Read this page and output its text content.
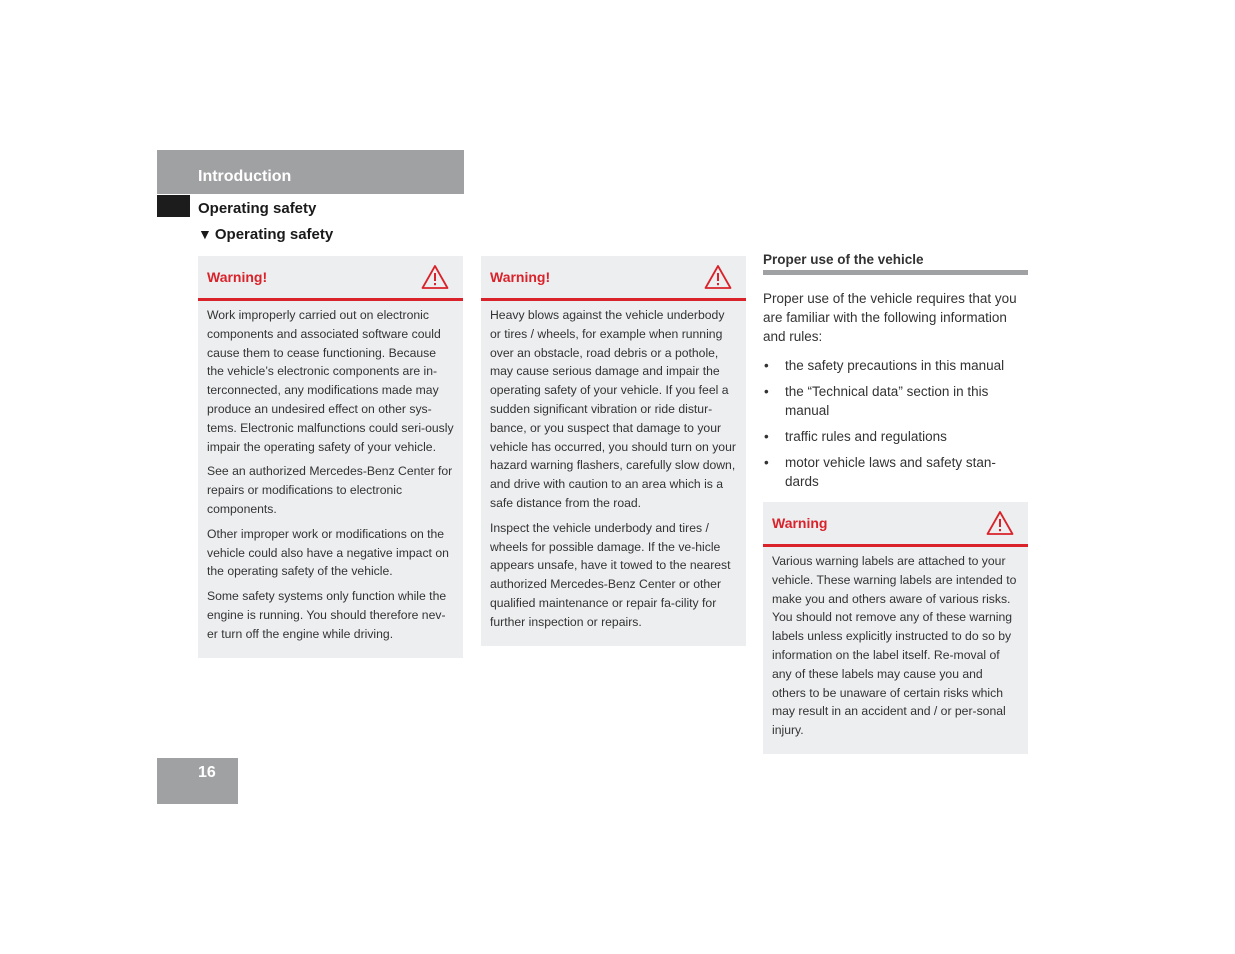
Introduction
Operating safety
▼ Operating safety
Warning!

Work improperly carried out on electronic components and associated software could cause them to cease functioning. Because the vehicle’s electronic components are in-terconnected, any modifications made may produce an undesired effect on other sys-tems. Electronic malfunctions could seri-ously impair the operating safety of your vehicle.

See an authorized Mercedes-Benz Center for repairs or modifications to electronic components.

Other improper work or modifications on the vehicle could also have a negative impact on the operating safety of the vehicle.

Some safety systems only function while the engine is running. You should therefore nev-er turn off the engine while driving.

Warning!

Heavy blows against the vehicle underbody or tires / wheels, for example when running over an obstacle, road debris or a pothole, may cause serious damage and impair the operating safety of your vehicle. If you feel a sudden significant vibration or ride distur-bance, or you suspect that damage to your vehicle has occurred, you should turn on your hazard warning flashers, carefully slow down, and drive with caution to an area which is a safe distance from the road.

Inspect the vehicle underbody and tires / wheels for possible damage. If the ve-hicle appears unsafe, have it towed to the nearest authorized Mercedes-Benz Center or other qualified maintenance or repair fa-cility for further inspection or repairs.

Proper use of the vehicle

Proper use of the vehicle requires that you are familiar with the following information and rules:

• the safety precautions in this manual
• the “Technical data” section in this manual
• traffic rules and regulations
• motor vehicle laws and safety stan-dards
Warning

Various warning labels are attached to your vehicle. These warning labels are intended to make you and others aware of various risks. You should not remove any of these warning labels unless explicitly instructed to do so by information on the label itself. Re-moval of any of these labels may cause you and others to be unaware of certain risks which may result in an accident and / or per-sonal injury.

16
